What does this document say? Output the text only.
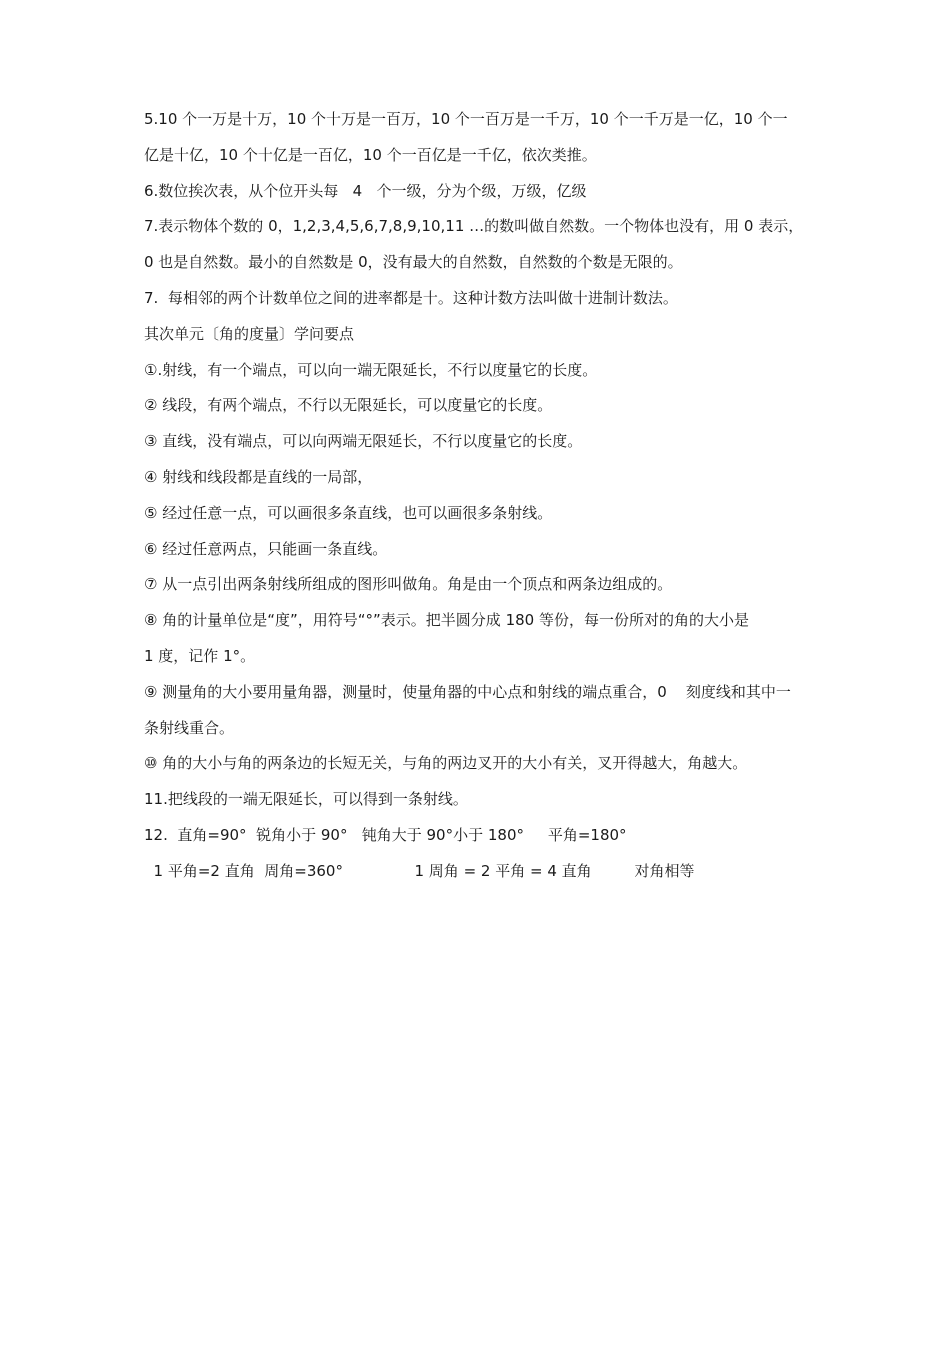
5.10 个一万是十万，10 个十万是一百万，10 个一百万是一千万，10 个一千万是一亿，10 个一

亿是十亿，10 个十亿是一百亿，10 个一百亿是一千亿，依次类推。

6.数位挨次表，从个位开头每   4   个一级，分为个级，万级，亿级

7.表示物体个数的 0，1,2,3,4,5,6,7,8,9,10,11 …的数叫做自然数。一个物体也没有，用 0 表示，

0 也是自然数。最小的自然数是 0，没有最大的自然数，自然数的个数是无限的。

7.  每相邻的两个计数单位之间的进率都是十。这种计数方法叫做十进制计数法。

其次单元〔角的度量〕学问要点

①.射线，有一个端点，可以向一端无限延长，不行以度量它的长度。

② 线段，有两个端点，不行以无限延长，可以度量它的长度。

③ 直线，没有端点，可以向两端无限延长，不行以度量它的长度。

④ 射线和线段都是直线的一局部，

⑤ 经过任意一点，可以画很多条直线，也可以画很多条射线。

⑥ 经过任意两点，只能画一条直线。

⑦ 从一点引出两条射线所组成的图形叫做角。角是由一个顶点和两条边组成的。

⑧ 角的计量单位是“度”，用符号“°”表示。把半圆分成 180 等份，每一份所对的角的大小是

1 度，记作 1°。

⑨ 测量角的大小要用量角器，测量时，使量角器的中心点和射线的端点重合，0    刻度线和其中一

条射线重合。

⑩ 角的大小与角的两条边的长短无关，与角的两边叉开的大小有关，叉开得越大，角越大。

11.把线段的一端无限延长，可以得到一条射线。

12.  直角=90°  锐角小于 90°   钝角大于 90°小于 180°     平角=180°

1 平角=2 直角  周角=360°               1 周角 = 2 平角 = 4 直角         对角相等
